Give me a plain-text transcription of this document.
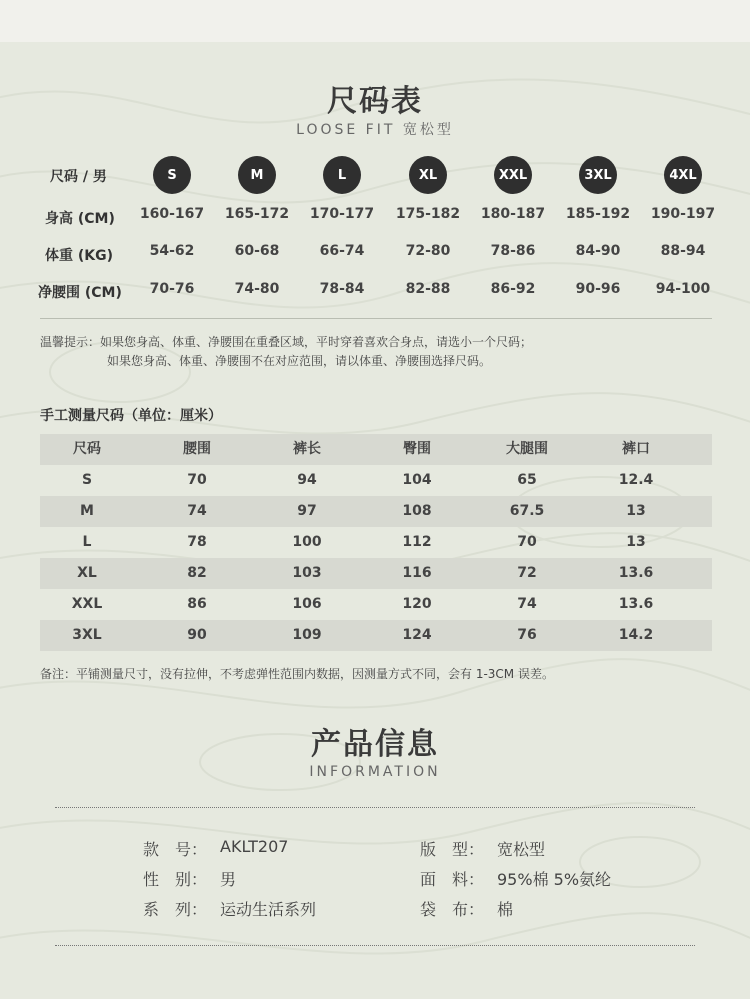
尺码表
LOOSE FIT 宽松型
尺码 / 男	S	M	L	XL	XXL	3XL	4XL
身高 (CM)	160-167	165-172	170-177	175-182	180-187	185-192	190-197
体重 (KG)	54-62	60-68	66-74	72-80	78-86	84-90	88-94
净腰围 (CM)	70-76	74-80	78-84	82-88	86-92	90-96	94-100
温馨提示：如果您身高、体重、净腰围在重叠区域，平时穿着喜欢合身点，请选小一个尺码；
如果您身高、体重、净腰围不在对应范围，请以体重、净腰围选择尺码。
手工测量尺码（单位：厘米）
尺码	腰围	裤长	臀围	大腿围	裤口
S	70	94	104	65	12.4
M	74	97	108	67.5	13
L	78	100	112	70	13
XL	82	103	116	72	13.6
XXL	86	106	120	74	13.6
3XL	90	109	124	76	14.2
备注：平铺测量尺寸，没有拉伸，不考虑弹性范围内数据，因测量方式不同，会有 1-3CM 误差。
产品信息
INFORMATION
款　号： AKLT207
性　别： 男
系　列： 运动生活系列
版　型： 宽松型
面　料： 95%棉 5%氨纶
袋　布： 棉
